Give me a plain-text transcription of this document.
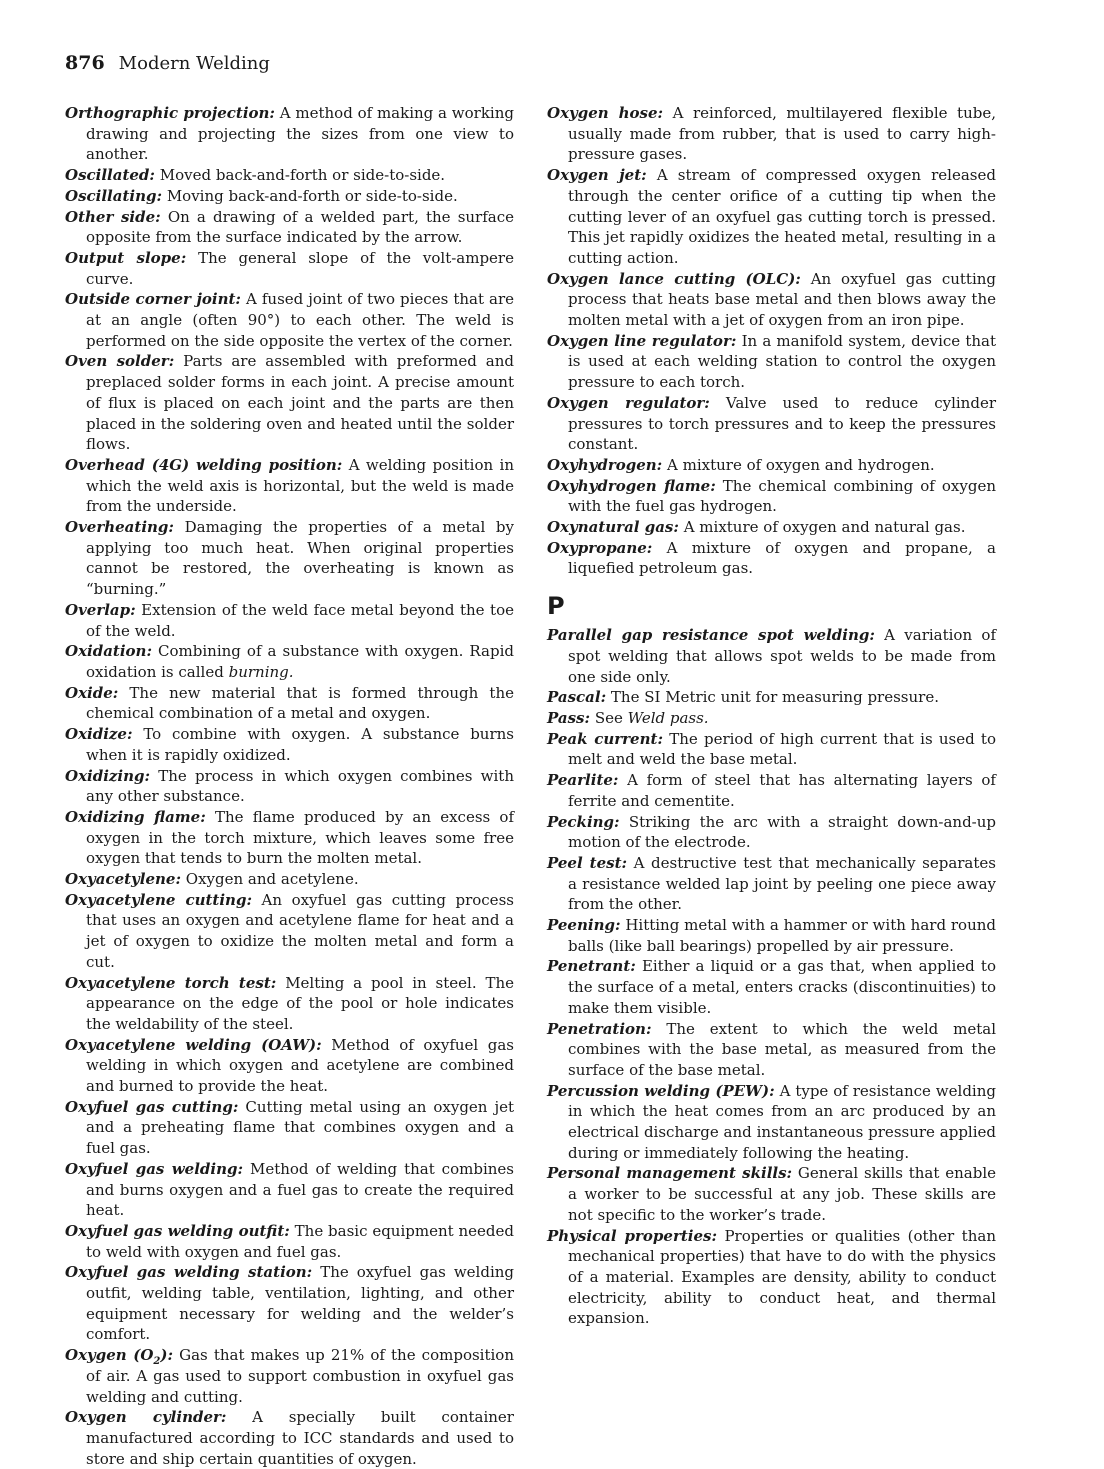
876 Modern Welding

Orthographic projection: A method of making a working drawing and projecting the sizes from one view to another.

Oscillated: Moved back-and-forth or side-to-side.

Oscillating: Moving back-and-forth or side-to-side.

Other side: On a drawing of a welded part, the surface opposite from the surface indicated by the arrow.

Output slope: The general slope of the volt-ampere curve.

Outside corner joint: A fused joint of two pieces that are at an angle (often 90°) to each other. The weld is performed on the side opposite the vertex of the corner.

Oven solder: Parts are assembled with preformed and preplaced solder forms in each joint. A precise amount of flux is placed on each joint and the parts are then placed in the soldering oven and heated until the solder flows.

Overhead (4G) welding position: A welding position in which the weld axis is horizontal, but the weld is made from the underside.

Overheating: Damaging the properties of a metal by applying too much heat. When original properties cannot be restored, the overheating is known as “burning.”

Overlap: Extension of the weld face metal beyond the toe of the weld.

Oxidation: Combining of a substance with oxygen. Rapid oxidation is called burning.

Oxide: The new material that is formed through the chemical combination of a metal and oxygen.

Oxidize: To combine with oxygen. A substance burns when it is rapidly oxidized.

Oxidizing: The process in which oxygen combines with any other substance.

Oxidizing flame: The flame produced by an excess of oxygen in the torch mixture, which leaves some free oxygen that tends to burn the molten metal.

Oxyacetylene: Oxygen and acetylene.

Oxyacetylene cutting: An oxyfuel gas cutting process that uses an oxygen and acetylene flame for heat and a jet of oxygen to oxidize the molten metal and form a cut.

Oxyacetylene torch test: Melting a pool in steel. The appearance on the edge of the pool or hole indicates the weldability of the steel.

Oxyacetylene welding (OAW): Method of oxyfuel gas welding in which oxygen and acetylene are combined and burned to provide the heat.

Oxyfuel gas cutting: Cutting metal using an oxygen jet and a preheating flame that combines oxygen and a fuel gas.

Oxyfuel gas welding: Method of welding that combines and burns oxygen and a fuel gas to create the required heat.

Oxyfuel gas welding outfit: The basic equipment needed to weld with oxygen and fuel gas.

Oxyfuel gas welding station: The oxyfuel gas welding outfit, welding table, ventilation, lighting, and other equipment necessary for welding and the welder’s comfort.

Oxygen $(O_2)$: Gas that makes up 21% of the composition of air. A gas used to support combustion in oxyfuel gas welding and cutting.

Oxygen cylinder: A specially built container manufactured according to ICC standards and used to store and ship certain quantities of oxygen.

Oxygen hose: A reinforced, multilayered flexible tube, usually made from rubber, that is used to carry high-pressure gases.

Oxygen jet: A stream of compressed oxygen released through the center orifice of a cutting tip when the cutting lever of an oxyfuel gas cutting torch is pressed. This jet rapidly oxidizes the heated metal, resulting in a cutting action.

Oxygen lance cutting (OLC): An oxyfuel gas cutting process that heats base metal and then blows away the molten metal with a jet of oxygen from an iron pipe.

Oxygen line regulator: In a manifold system, device that is used at each welding station to control the oxygen pressure to each torch.

Oxygen regulator: Valve used to reduce cylinder pressures to torch pressures and to keep the pressures constant.

Oxyhydrogen: A mixture of oxygen and hydrogen.

Oxyhydrogen flame: The chemical combining of oxygen with the fuel gas hydrogen.

Oxynatural gas: A mixture of oxygen and natural gas.

Oxypropane: A mixture of oxygen and propane, a liquefied petroleum gas.

P

Parallel gap resistance spot welding: A variation of spot welding that allows spot welds to be made from one side only.

Pascal: The SI Metric unit for measuring pressure.

Pass: See Weld pass.

Peak current: The period of high current that is used to melt and weld the base metal.

Pearlite: A form of steel that has alternating layers of ferrite and cementite.

Pecking: Striking the arc with a straight down-and-up motion of the electrode.

Peel test: A destructive test that mechanically separates a resistance welded lap joint by peeling one piece away from the other.

Peening: Hitting metal with a hammer or with hard round balls (like ball bearings) propelled by air pressure.

Penetrant: Either a liquid or a gas that, when applied to the surface of a metal, enters cracks (discontinuities) to make them visible.

Penetration: The extent to which the weld metal combines with the base metal, as measured from the surface of the base metal.

Percussion welding (PEW): A type of resistance welding in which the heat comes from an arc produced by an electrical discharge and instantaneous pressure applied during or immediately following the heating.

Personal management skills: General skills that enable a worker to be successful at any job. These skills are not specific to the worker’s trade.

Physical properties: Properties or qualities (other than mechanical properties) that have to do with the physics of a material. Examples are density, ability to conduct electricity, ability to conduct heat, and thermal expansion.
